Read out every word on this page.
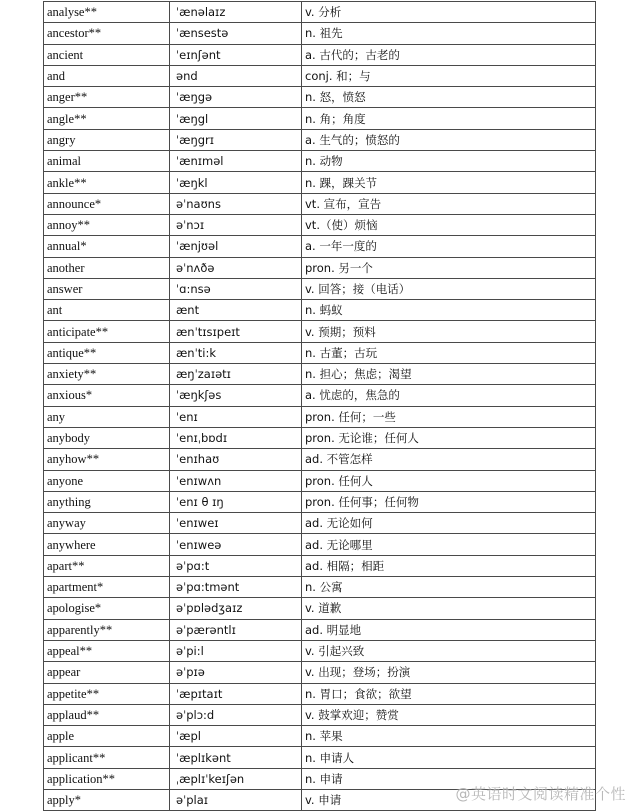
analyse**	ˈænəlaɪz	v. 分析
ancestor**	ˈænsestə	n. 祖先
ancient	ˈeɪnʃənt	a. 古代的；古老的
and	ənd	conj. 和；与
anger**	ˈæŋgə	n. 怒，愤怒
angle**	ˈæŋgl	n. 角；角度
angry	ˈæŋgrɪ	a. 生气的；愤怒的
animal	ˈænɪməl	n. 动物
ankle**	ˈæŋkl	n. 踝，踝关节
announce*	əˈnaʊns	vt. 宣布，宣告
annoy**	əˈnɔɪ	vt.（使）烦恼
annual*	ˈænjʊəl	a. 一年一度的
another	əˈnʌðə	pron. 另一个
answer	ˈɑ:nsə	v. 回答；接（电话）
ant	ænt	n. 蚂蚁
anticipate**	ænˈtɪsɪpeɪt	v. 预期；预料
antique**	ænˈti:k	n. 古董；古玩
anxiety**	æŋˈzaɪətɪ	n. 担心；焦虑；渴望
anxious*	ˈæŋkʃəs	a. 忧虑的，焦急的
any	ˈenɪ	pron. 任何；一些
anybody	ˈenɪˌbɒdɪ	pron. 无论谁；任何人
anyhow**	ˈenɪhaʊ	ad. 不管怎样
anyone	ˈenɪwʌn	pron. 任何人
anything	ˈenɪ θ ɪŋ	pron. 任何事；任何物
anyway	ˈenɪweɪ	ad. 无论如何
anywhere	ˈenɪweə	ad. 无论哪里
apart**	əˈpɑ:t	ad. 相隔；相距
apartment*	əˈpɑ:tmənt	n. 公寓
apologise*	əˈpɒlədʒaɪz	v. 道歉
apparently**	əˈpærəntlɪ	ad. 明显地
appeal**	əˈpi:l	v. 引起兴致
appear	əˈpɪə	v. 出现；登场；扮演
appetite**	ˈæpɪtaɪt	n. 胃口；食欲；欲望
applaud**	əˈplɔ:d	v. 鼓掌欢迎；赞赏
apple	ˈæpl	n. 苹果
applicant**	ˈæplɪkənt	n. 申请人
application**	ˌæplɪˈkeɪʃən	n. 申请
apply*	əˈplaɪ	v. 申请	@英语时文阅读精准个性
